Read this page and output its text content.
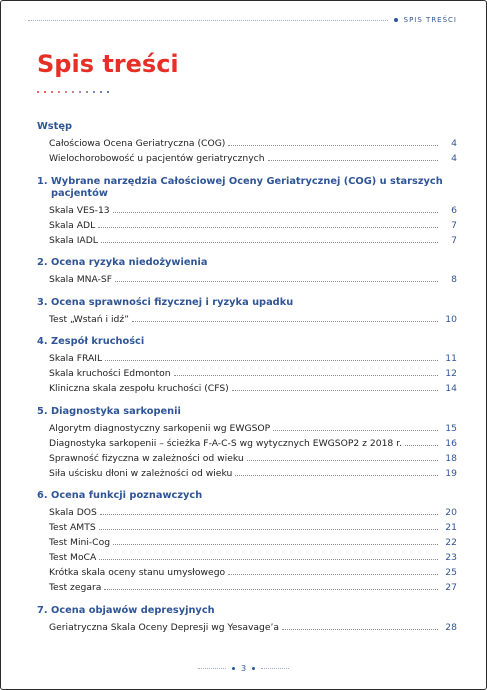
SPIS TREŚCI
Spis treści
Wstęp
Całościowa Ocena Geriatryczna (COG)	4
Wielochorobowość u pacjentów geriatrycznych	4
1. Wybrane narzędzia Całościowej Oceny Geriatrycznej (COG) u starszych pacjentów
Skala VES-13	6
Skala ADL	7
Skala IADL	7
2. Ocena ryzyka niedożywienia
Skala MNA-SF	8
3. Ocena sprawności fizycznej i ryzyka upadku
Test „Wstań i idź”	10
4. Zespół kruchości
Skala FRAIL	11
Skala kruchości Edmonton	12
Kliniczna skala zespołu kruchości (CFS)	14
5. Diagnostyka sarkopenii
Algorytm diagnostyczny sarkopenii wg EWGSOP	15
Diagnostyka sarkopenii – ścieżka F-A-C-S wg wytycznych EWGSOP2 z 2018 r.	16
Sprawność fizyczna w zależności od wieku	18
Siła uścisku dłoni w zależności od wieku	19
6. Ocena funkcji poznawczych
Skala DOS	20
Test AMTS	21
Test Mini-Cog	22
Test MoCA	23
Krótka skala oceny stanu umysłowego	25
Test zegara	27
7. Ocena objawów depresyjnych
Geriatryczna Skala Oceny Depresji wg Yesavage’a	28
3
